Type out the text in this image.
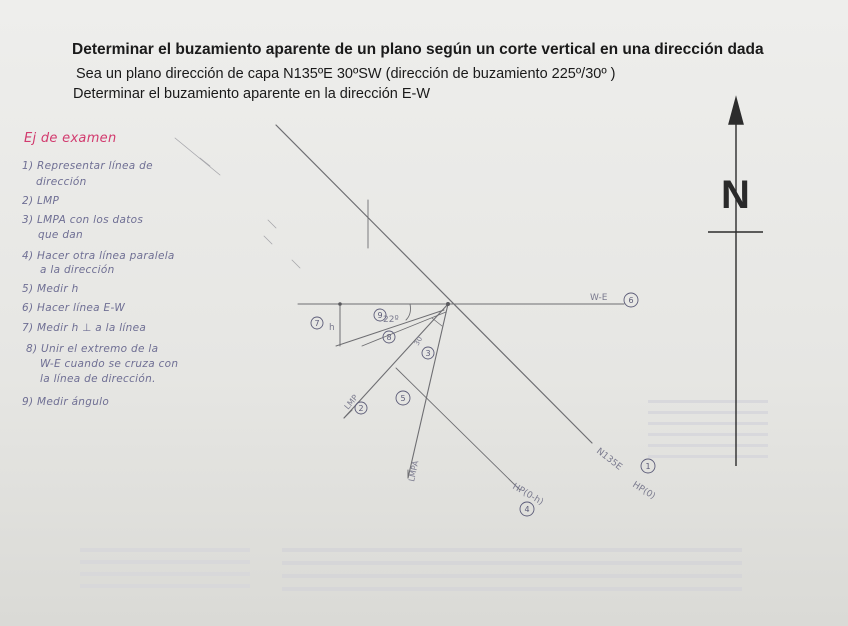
Determinar el buzamiento aparente de un plano según un corte vertical en una dirección dada
Sea un plano dirección de capa N135ºE 30ºSW (dirección de buzamiento 225º/30º )
Determinar el buzamiento aparente en la dirección E-W
Ej de examen
1) Representar línea de
dirección
2) LMP
3) LMPA con los datos
que dan
4) Hacer otra línea paralela
a la dirección
5) Medir h
6) Hacer línea E-W
7) Medir h ⊥ a la línea
8) Unir el extremo de la
W-E cuando se cruza con
la línea de dirección.
9) Medir ángulo
N
W-E
N135E
HP(0)
HP(0-h)
LMP
LMPA
22º
30
h
1
2
3
4
5
6
7
8
9
